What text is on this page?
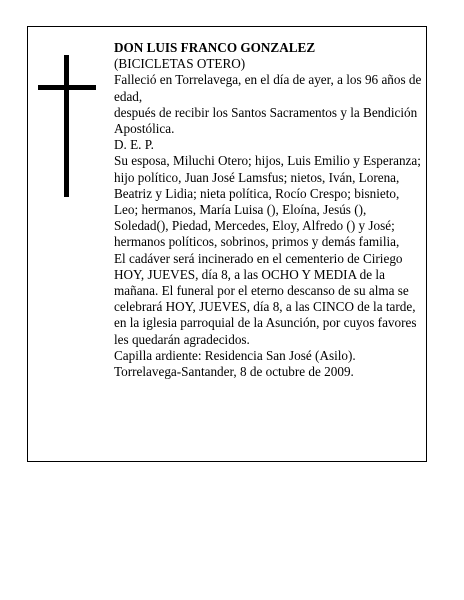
DON LUIS FRANCO GONZALEZ

(BICICLETAS OTERO)

Falleció en Torrelavega, en el día de ayer, a los 96 años de edad,

después de recibir los Santos Sacramentos y la Bendición Apostólica.

D. E. P.

Su esposa, Miluchi Otero; hijos, Luis Emilio y Esperanza; hijo político, Juan José Lamsfus; nietos, Iván, Lorena, Beatriz y Lidia; nieta política, Rocío Crespo; bisnieto, Leo; hermanos, María Luisa (), Eloína, Jesús (), Soledad(), Piedad, Mercedes, Eloy, Alfredo () y José; hermanos políticos, sobrinos, primos y demás familia,

El cadáver será incinerado en el cementerio de Ciriego HOY, JUEVES, día 8, a las OCHO Y MEDIA de la mañana. El funeral por el eterno descanso de su alma se celebrará HOY, JUEVES, día 8, a las CINCO de la tarde, en la iglesia parroquial de la Asunción, por cuyos favores les quedarán agradecidos.

Capilla ardiente: Residencia San José (Asilo).

Torrelavega-Santander, 8 de octubre de 2009.
